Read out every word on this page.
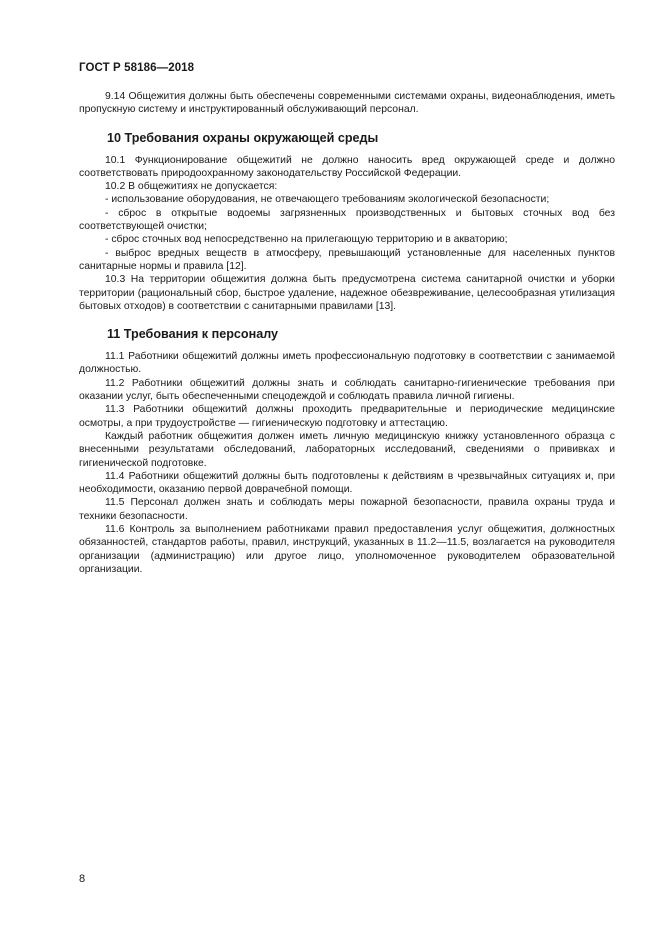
ГОСТ Р 58186—2018

9.14 Общежития должны быть обеспечены современными системами охраны, видеонаблюдения, иметь пропускную систему и инструктированный обслуживающий персонал.

10 Требования охраны окружающей среды

10.1 Функционирование общежитий не должно наносить вред окружающей среде и должно соответствовать природоохранному законодательству Российской Федерации.

10.2 В общежитиях не допускается:

- использование оборудования, не отвечающего требованиям экологической безопасности;

- сброс в открытые водоемы загрязненных производственных и бытовых сточных вод без соответствующей очистки;

- сброс сточных вод непосредственно на прилегающую территорию и в акваторию;

- выброс вредных веществ в атмосферу, превышающий установленные для населенных пунктов санитарные нормы и правила [12].

10.3 На территории общежития должна быть предусмотрена система санитарной очистки и уборки территории (рациональный сбор, быстрое удаление, надежное обезвреживание, целесообразная утилизация бытовых отходов) в соответствии с санитарными правилами [13].

11 Требования к персоналу

11.1 Работники общежитий должны иметь профессиональную подготовку в соответствии с занимаемой должностью.

11.2 Работники общежитий должны знать и соблюдать санитарно-гигиенические требования при оказании услуг, быть обеспеченными спецодеждой и соблюдать правила личной гигиены.

11.3 Работники общежитий должны проходить предварительные и периодические медицинские осмотры, а при трудоустройстве — гигиеническую подготовку и аттестацию.

Каждый работник общежития должен иметь личную медицинскую книжку установленного образца с внесенными результатами обследований, лабораторных исследований, сведениями о прививках и гигиенической подготовке.

11.4 Работники общежитий должны быть подготовлены к действиям в чрезвычайных ситуациях и, при необходимости, оказанию первой доврачебной помощи.

11.5 Персонал должен знать и соблюдать меры пожарной безопасности, правила охраны труда и техники безопасности.

11.6 Контроль за выполнением работниками правил предоставления услуг общежития, должностных обязанностей, стандартов работы, правил, инструкций, указанных в 11.2—11.5, возлагается на руководителя организации (администрацию) или другое лицо, уполномоченное руководителем образовательной организации.

8
